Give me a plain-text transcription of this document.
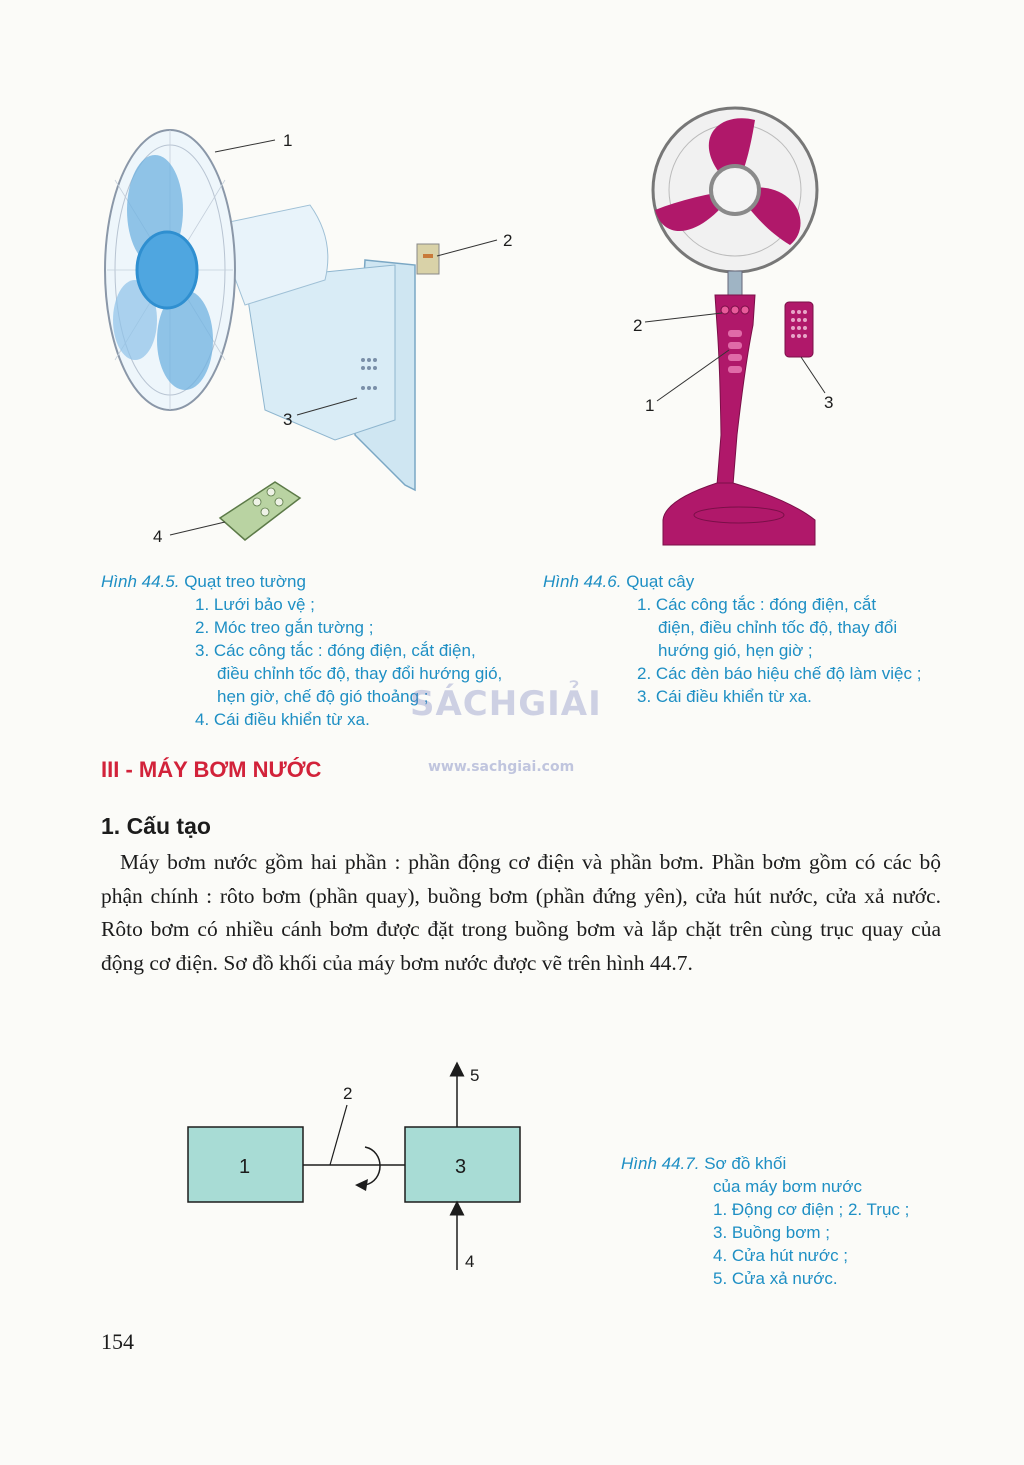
1
2
3
4
Hình 44.5. Quạt treo tường
1. Lưới bảo vệ ;
2. Móc treo gắn tường ;
3. Các công tắc : đóng điện, cắt điện,
điều chỉnh tốc độ, thay đổi hướng gió,
hẹn giờ, chế độ gió thoảng ;
4. Cái điều khiển từ xa.
2
1	3
Hình 44.6. Quạt cây
1. Các công tắc : đóng điện, cắt
điện, điều chỉnh tốc độ, thay đổi
hướng gió, hẹn giờ ;
2. Các đèn báo hiệu chế độ làm việc ;
3. Cái điều khiển từ xa.
SÁCHGIẢI
www.sachgiai.com
III - MÁY BƠM NƯỚC
1. Cấu tạo

Máy bơm nước gồm hai phần : phần động cơ điện và phần bơm. Phần bơm gồm có các bộ phận chính : rôto bơm (phần quay), buồng bơm (phần đứng yên), cửa hút nước, cửa xả nước. Rôto bơm có nhiều cánh bơm được đặt trong buồng bơm và lắp chặt trên cùng trục quay của động cơ điện. Sơ đồ khối của máy bơm nước được vẽ trên hình 44.7.

1	3
2
5
4
Hình 44.7. Sơ đồ khối
của máy bơm nước
1. Động cơ điện ; 2. Trục ;
3. Buồng bơm ;
4. Cửa hút nước ;
5. Cửa xả nước.
154
